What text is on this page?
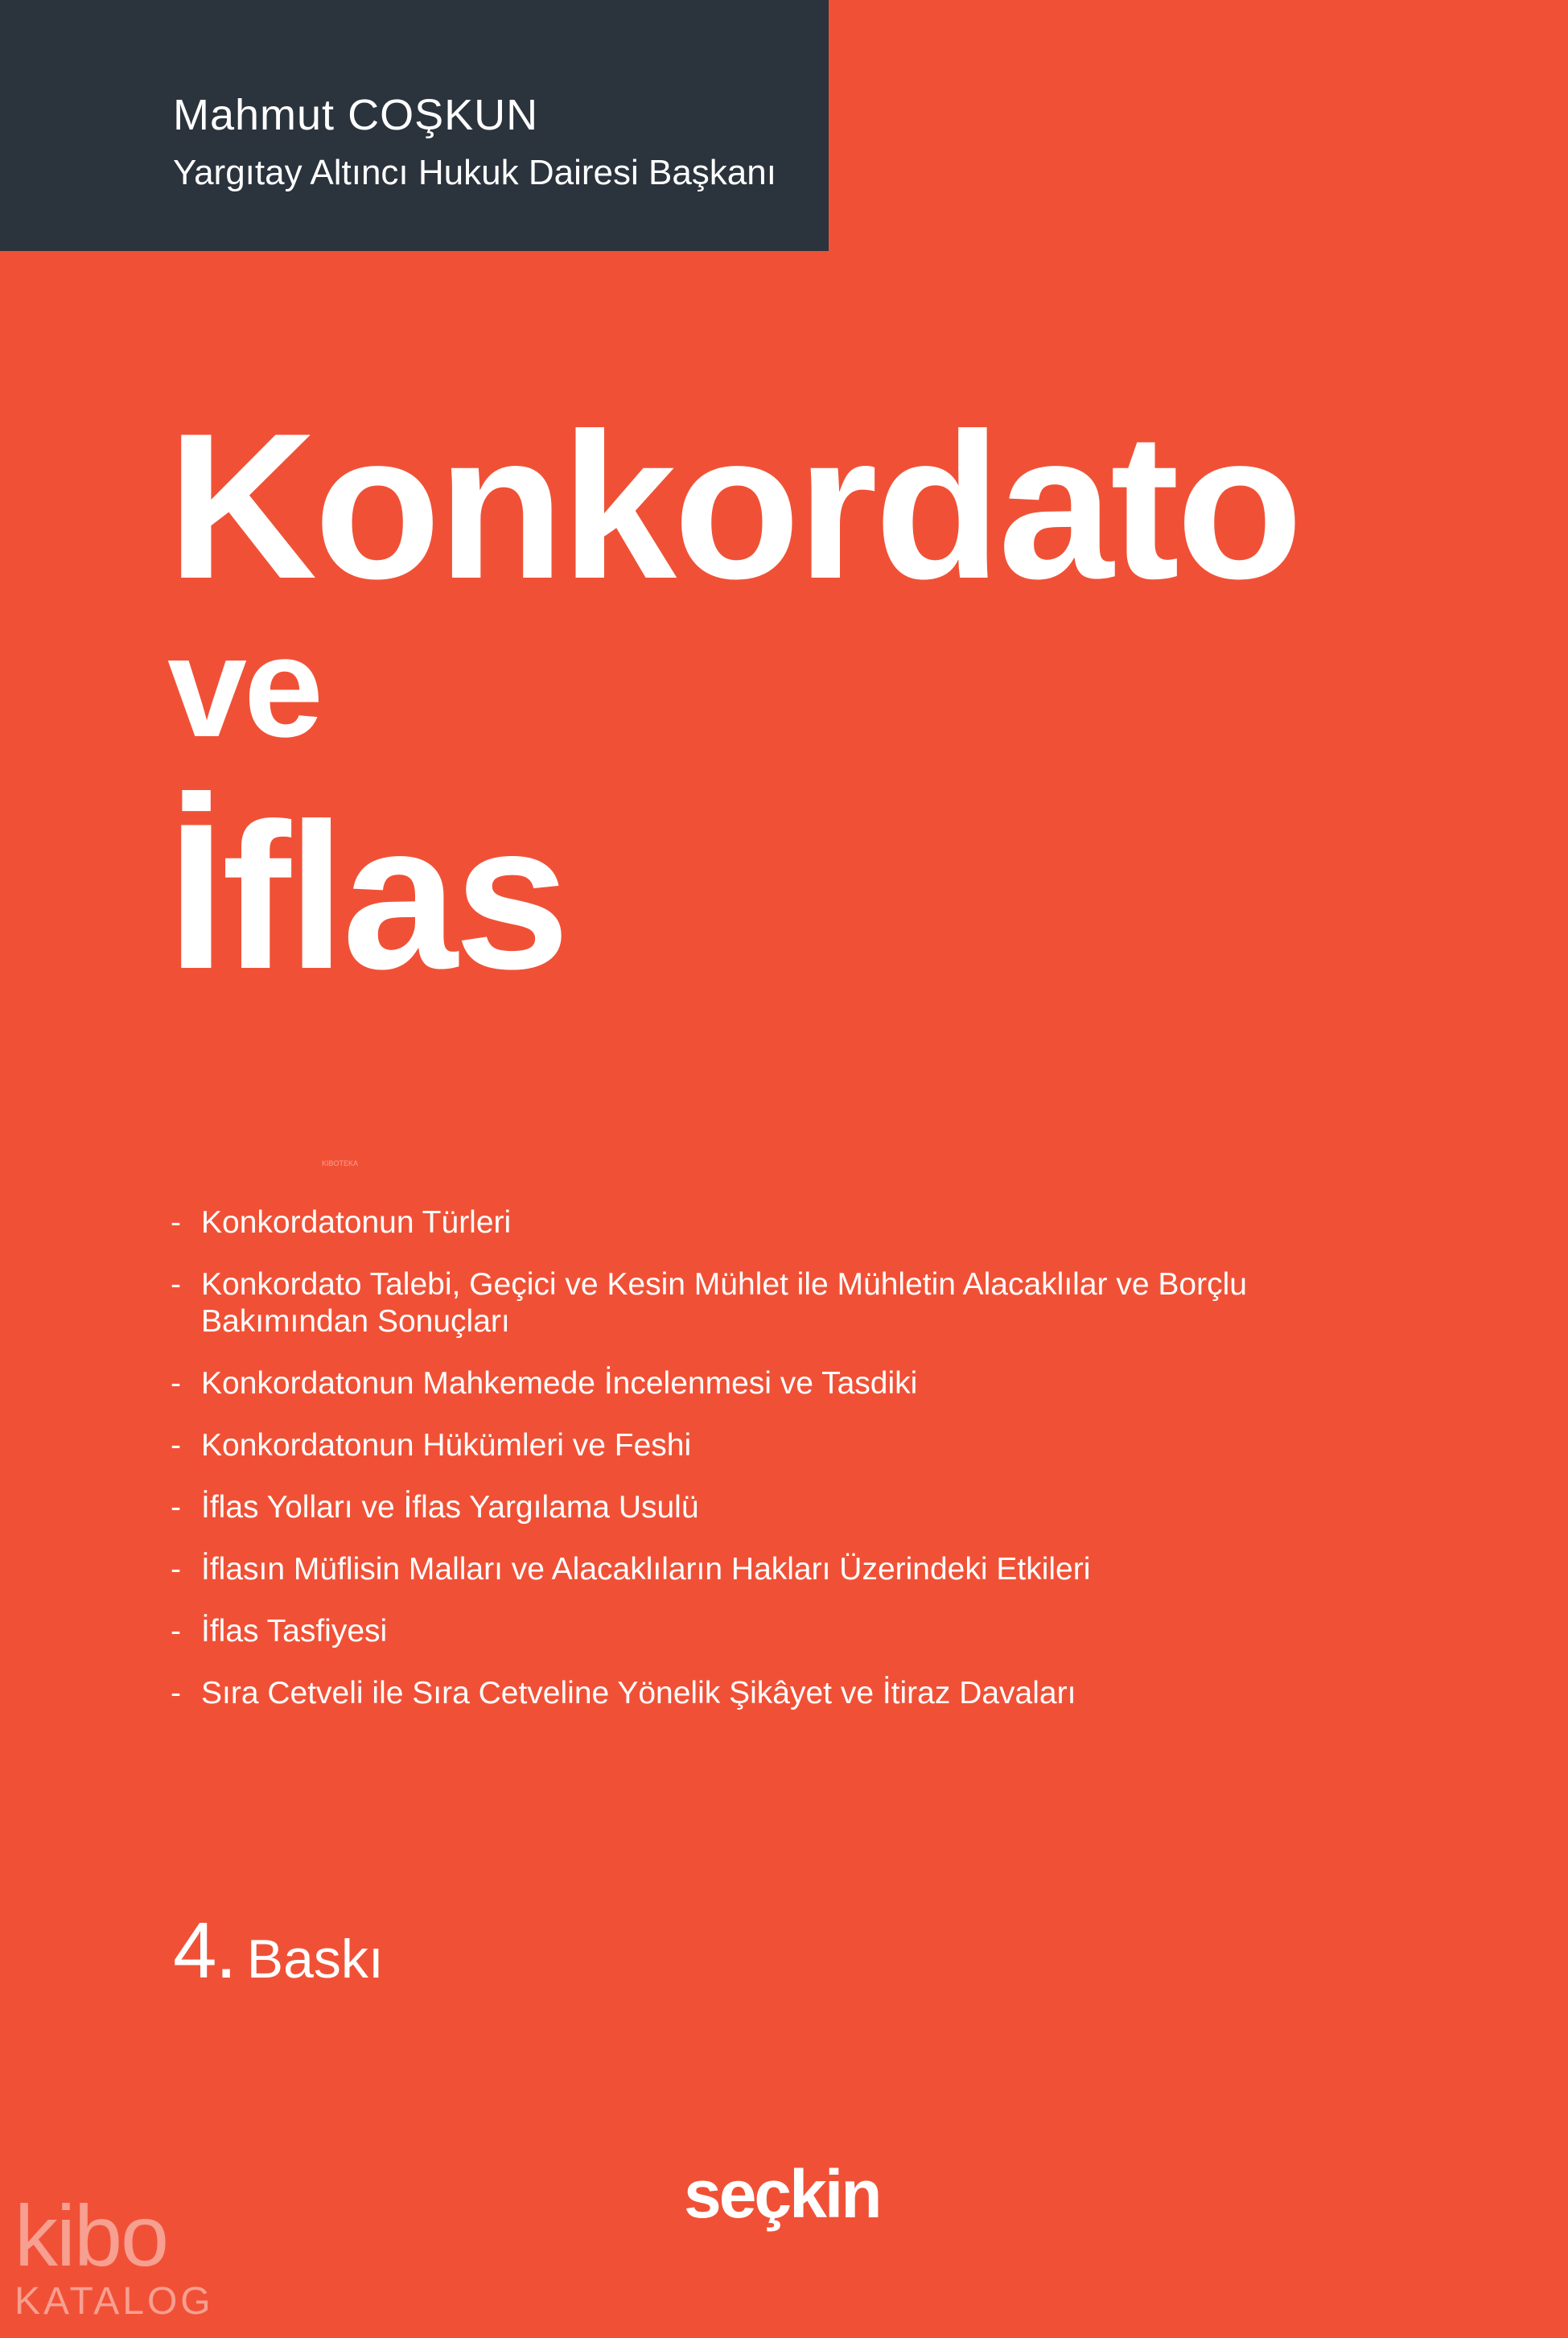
Mahmut COŞKUN
Yargıtay Altıncı Hukuk Dairesi Başkanı
Konkordato
ve
İflas
KIBOTEKA
- Konkordatonun Türleri
- Konkordato Talebi, Geçici ve Kesin Mühlet ile Mühletin Alacaklılar ve Borçlu Bakımından Sonuçları
- Konkordatonun Mahkemede İncelenmesi ve Tasdiki
- Konkordatonun Hükümleri ve Feshi
- İflas Yolları ve İflas Yargılama Usulü
- İflasın Müflisin Malları ve Alacaklıların Hakları Üzerindeki Etkileri
- İflas Tasfiyesi
- Sıra Cetveli ile Sıra Cetveline Yönelik Şikâyet ve İtiraz Davaları
4. Baskı
seçkin
kibo
KATALOG
